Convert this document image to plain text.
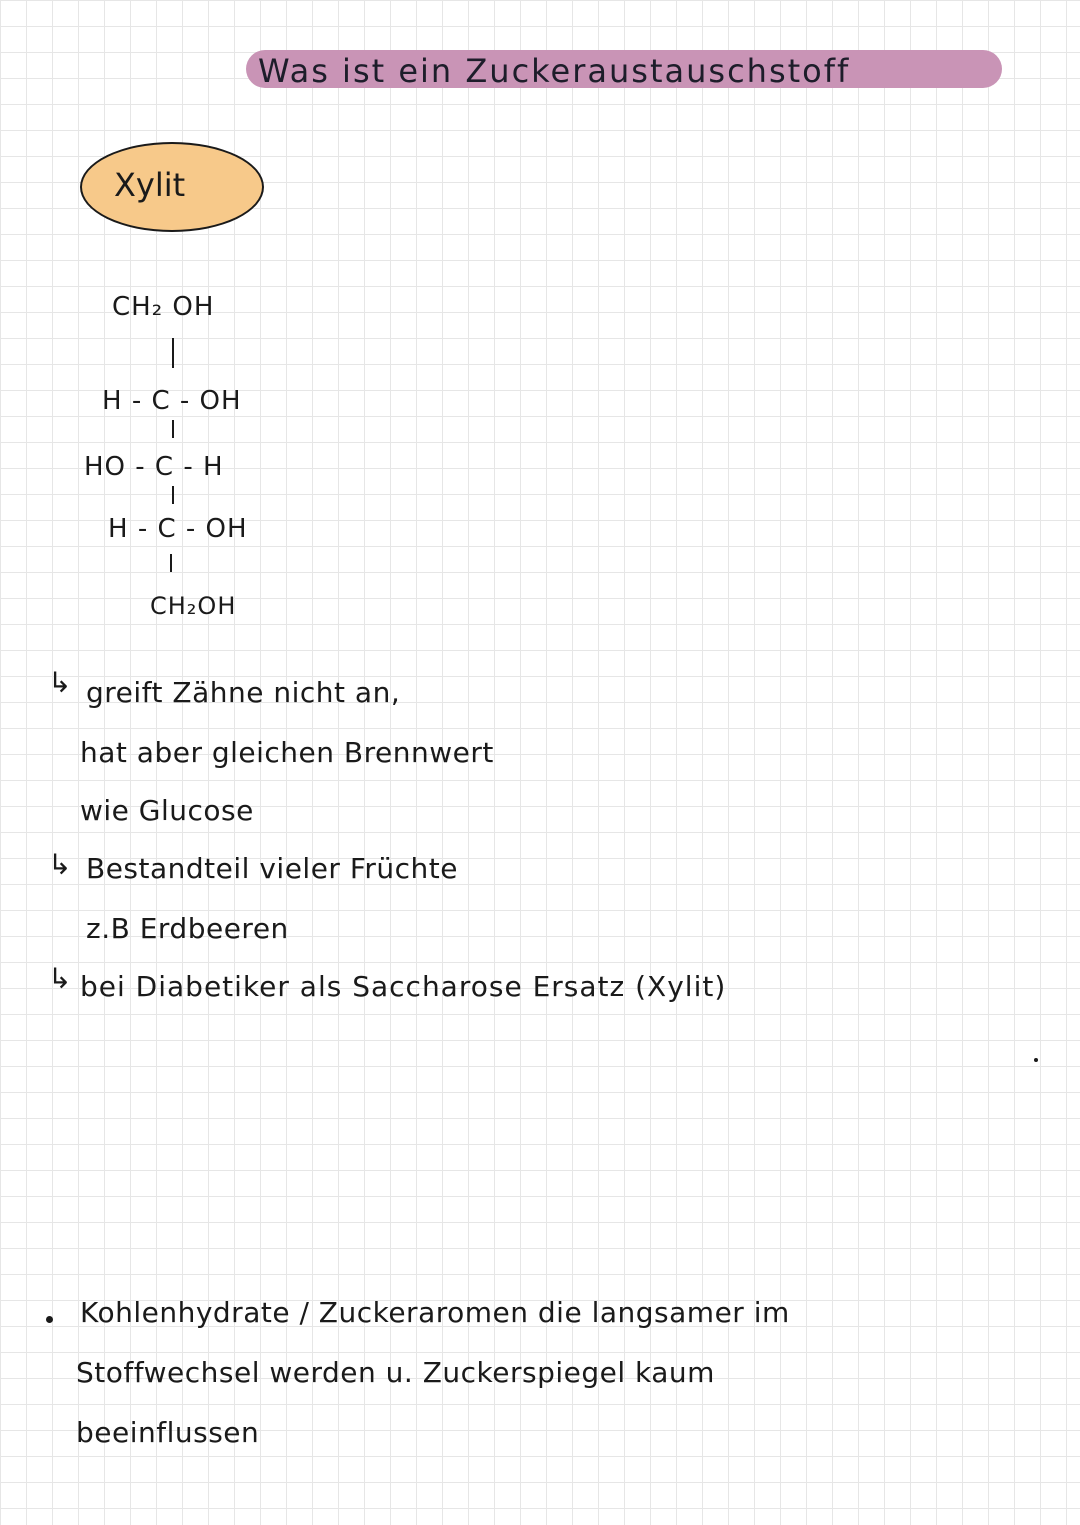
Was ist ein Zuckeraustauschstoff
Xylit
CH₂ OH
H - C - OH
HO - C - H
H - C - OH
CH₂OH
↳ greift Zähne nicht an,
hat aber gleichen Brennwert
wie Glucose
↳ Bestandteil vieler Früchte
z.B Erdbeeren
↳ bei Diabetiker als Saccharose Ersatz (Xylit)
Kohlenhydrate / Zuckeraromen die langsamer im
Stoffwechsel werden u. Zuckerspiegel kaum
beeinflussen
